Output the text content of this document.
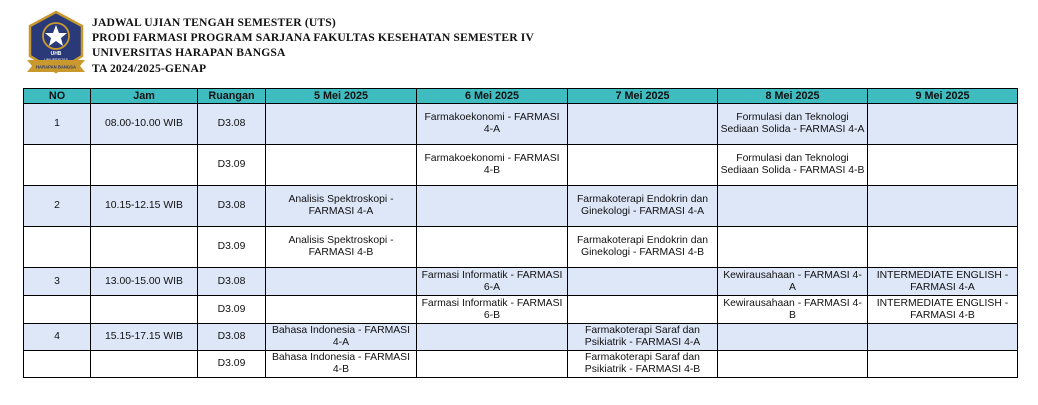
UHB
HARAPAN BANGSA
JADWAL UJIAN TENGAH SEMESTER (UTS)
PRODI FARMASI PROGRAM SARJANA FAKULTAS KESEHATAN SEMESTER IV
UNIVERSITAS HARAPAN BANGSA
TA 2024/2025-GENAP
NO	Jam	Ruangan	5 Mei 2025	6 Mei 2025	7 Mei 2025	8 Mei 2025	9 Mei 2025
1	08.00-10.00 WIB	D3.08		Farmakoekonomi - FARMASI 4-A		Formulasi dan Teknologi Sediaan Solida - FARMASI 4-A	
		D3.09		Farmakoekonomi - FARMASI 4-B		Formulasi dan Teknologi Sediaan Solida - FARMASI 4-B	
2	10.15-12.15 WIB	D3.08	Analisis Spektroskopi - FARMASI 4-A		Farmakoterapi Endokrin dan Ginekologi - FARMASI 4-A		
		D3.09	Analisis Spektroskopi - FARMASI 4-B		Farmakoterapi Endokrin dan Ginekologi - FARMASI 4-B		
3	13.00-15.00 WIB	D3.08		Farmasi Informatik - FARMASI 6-A		Kewirausahaan - FARMASI 4-A	INTERMEDIATE ENGLISH - FARMASI 4-A
		D3.09		Farmasi Informatik - FARMASI 6-B		Kewirausahaan - FARMASI 4-B	INTERMEDIATE ENGLISH - FARMASI 4-B
4	15.15-17.15 WIB	D3.08	Bahasa Indonesia - FARMASI 4-A		Farmakoterapi Saraf dan Psikiatrik - FARMASI 4-A		
		D3.09	Bahasa Indonesia - FARMASI 4-B		Farmakoterapi Saraf dan Psikiatrik - FARMASI 4-B		
